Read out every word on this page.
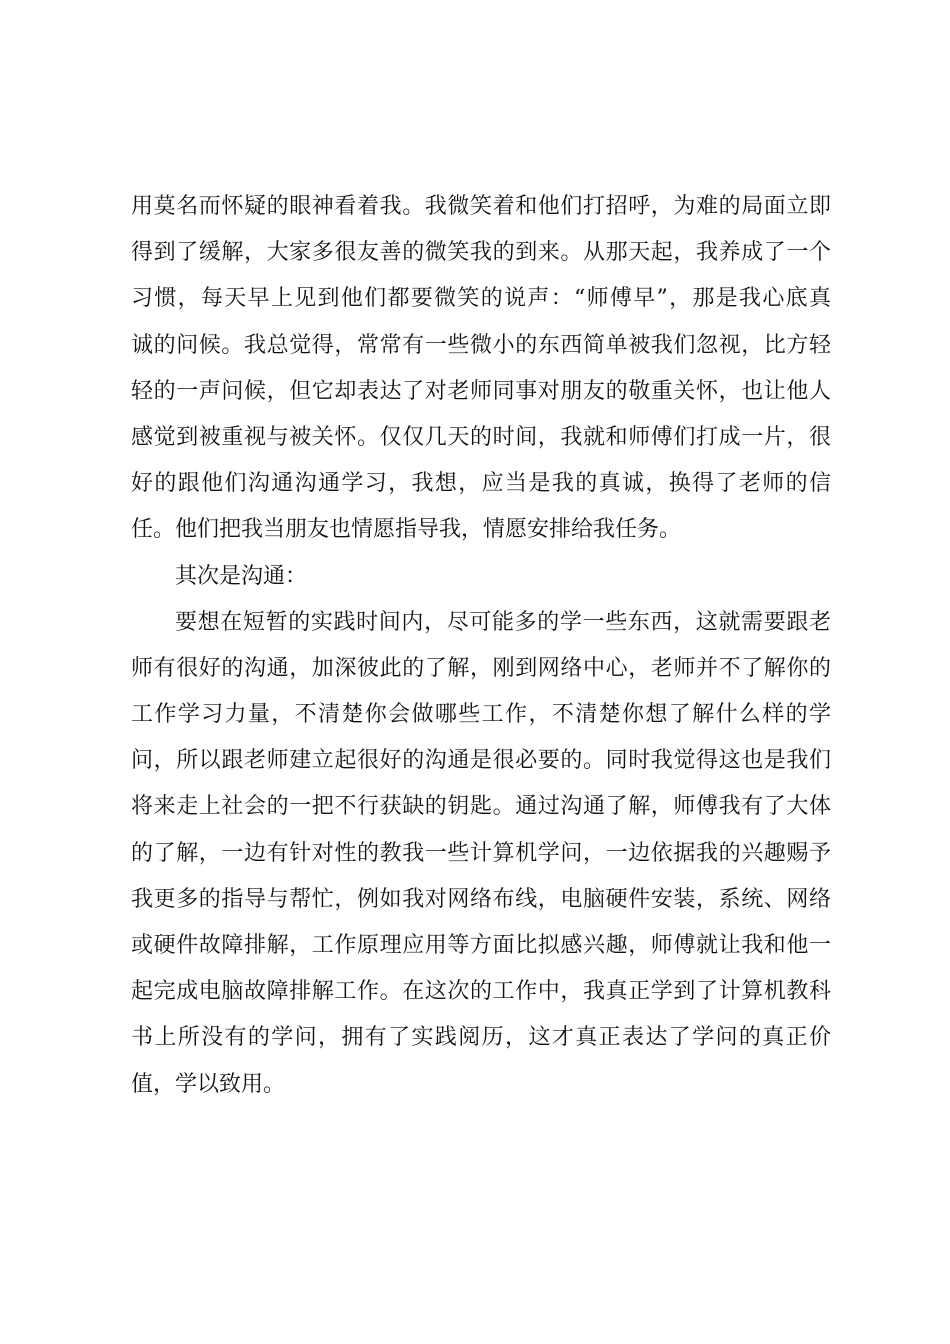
用莫名而怀疑的眼神看着我。我微笑着和他们打招呼，为难的局面立即
得到了缓解，大家多很友善的微笑我的到来。从那天起，我养成了一个
习惯，每天早上见到他们都要微笑的说声：“师傅早”，那是我心底真
诚的问候。我总觉得，常常有一些微小的东西简单被我们忽视，比方轻
轻的一声问候，但它却表达了对老师同事对朋友的敬重关怀，也让他人
感觉到被重视与被关怀。仅仅几天的时间，我就和师傅们打成一片，很
好的跟他们沟通沟通学习，我想，应当是我的真诚，换得了老师的信
任。他们把我当朋友也情愿指导我，情愿安排给我任务。
其次是沟通：
要想在短暂的实践时间内，尽可能多的学一些东西，这就需要跟老
师有很好的沟通，加深彼此的了解，刚到网络中心，老师并不了解你的
工作学习力量，不清楚你会做哪些工作，不清楚你想了解什么样的学
问，所以跟老师建立起很好的沟通是很必要的。同时我觉得这也是我们
将来走上社会的一把不行获缺的钥匙。通过沟通了解，师傅我有了大体
的了解，一边有针对性的教我一些计算机学问，一边依据我的兴趣赐予
我更多的指导与帮忙，例如我对网络布线，电脑硬件安装，系统、网络
或硬件故障排解，工作原理应用等方面比拟感兴趣，师傅就让我和他一
起完成电脑故障排解工作。在这次的工作中，我真正学到了计算机教科
书上所没有的学问，拥有了实践阅历，这才真正表达了学问的真正价
值，学以致用。
